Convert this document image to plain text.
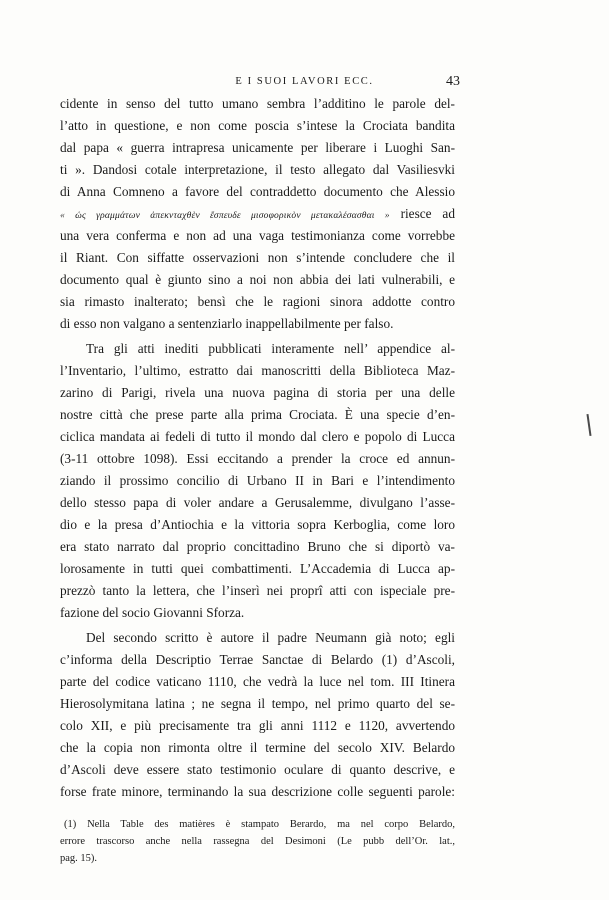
E I SUOI LAVORI ECC.	43
cidente in senso del tutto umano sembra l’additino le parole del-
l’atto in questione, e non come poscia s’intese la Crociata bandita
dal papa « guerra intrapresa unicamente per liberare i Luoghi San-
ti ». Dandosi cotale interpretazione, il testo allegato dal Vasiliesvki
di Anna Comneno a favore del contraddetto documento che Alessio
« ὡς γραμμάτων ἀπεκνταχθὲν ἔσπευδε μισοφορικὸν μετακαλέσασθαι » riesce ad
una vera conferma e non ad una vaga testimonianza come vorrebbe
il Riant. Con siffatte osservazioni non s’intende concludere che il
documento qual è giunto sino a noi non abbia dei lati vulnerabili, e
sia rimasto inalterato; bensì che le ragioni sinora addotte contro
di esso non valgano a sentenziarlo inappellabilmente per falso.
Tra gli atti inediti pubblicati interamente nell’ appendice al-
l’Inventario, l’ultimo, estratto dai manoscritti della Biblioteca Maz-
zarino di Parigi, rivela una nuova pagina di storia per una delle
nostre città che prese parte alla prima Crociata. È una specie d’en-
ciclica mandata ai fedeli di tutto il mondo dal clero e popolo di Lucca
(3-11 ottobre 1098). Essi eccitando a prender la croce ed annun-
ziando il prossimo concilio di Urbano II in Bari e l’intendimento
dello stesso papa di voler andare a Gerusalemme, divulgano l’asse-
dio e la presa d’Antiochia e la vittoria sopra Kerboglia, come loro
era stato narrato dal proprio concittadino Bruno che si diportò va-
lorosamente in tutti quei combattimenti. L’Accademia di Lucca ap-
prezzò tanto la lettera, che l’inserì nei proprî atti con ispeciale pre-
fazione del socio Giovanni Sforza.
Del secondo scritto è autore il padre Neumann già noto; egli
c’informa della Descriptio Terrae Sanctae di Belardo (1) d’Ascoli,
parte del codice vaticano 1110, che vedrà la luce nel tom. III Itinera
Hierosolymitana latina ; ne segna il tempo, nel primo quarto del se-
colo XII, e più precisamente tra gli anni 1112 e 1120, avvertendo
che la copia non rimonta oltre il termine del secolo XIV. Belardo
d’Ascoli deve essere stato testimonio oculare di quanto descrive, e
forse frate minore, terminando la sua descrizione colle seguenti parole:
(1) Nella Table des matières è stampato Berardo, ma nel corpo Belardo,
errore trascorso anche nella rassegna del Desimoni (Le pubb dell’Or. lat.,
pag. 15).
